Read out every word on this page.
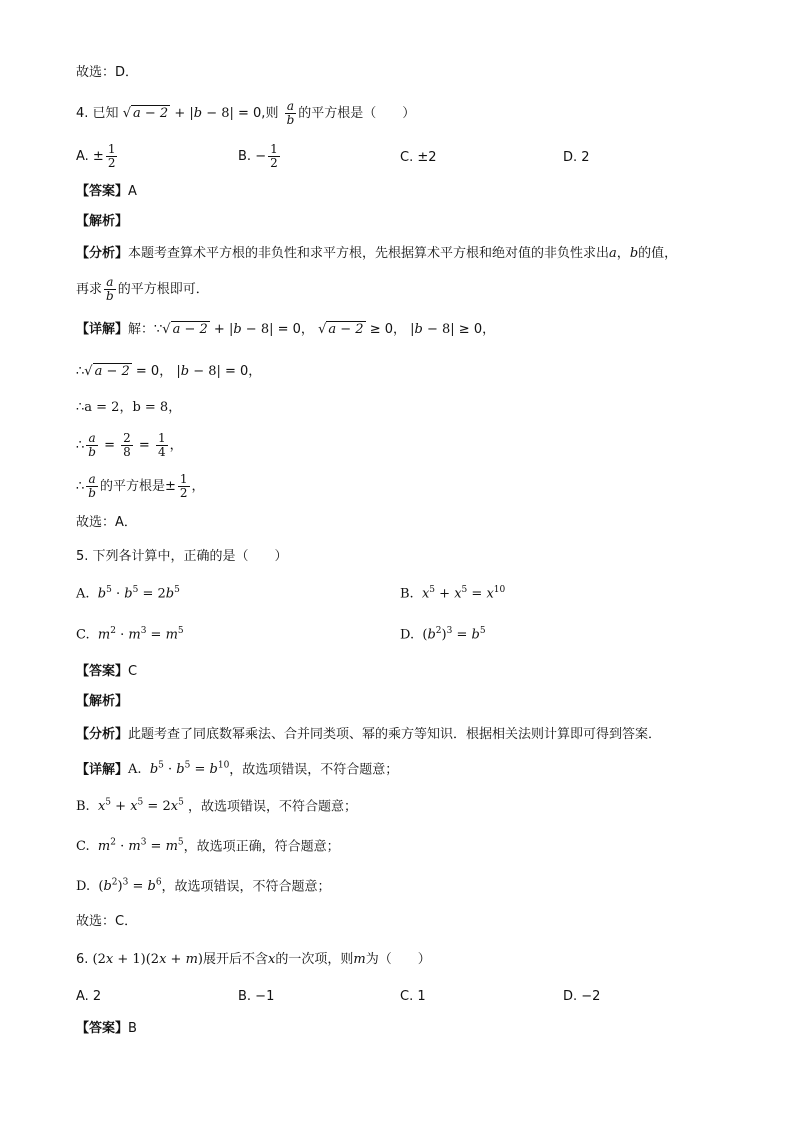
故选：D．
4. 已知 √ a − 2 + |b − 8| = 0,则 $\frac{a}{b}$ 的平方根是（　　）
A. ± $\frac{1}{2}$	B. − $\frac{1}{2}$	C. ±2	D. 2
【答案】A
【解析】
【分析】本题考查算术平方根的非负性和求平方根，先根据算术平方根和绝对值的非负性求出a，b的值，
再求 $\frac{a}{b}$ 的平方根即可．
【详解】解：∵√ a − 2 + |b − 8| = 0， √ a − 2 ≥ 0， |b − 8| ≥ 0，
∴√ a − 2 = 0， |b − 8| = 0，
∴a = 2，b = 8，
∴ $\frac{a}{b} = \frac{2}{8} = \frac{1}{4}$ ，
∴ $\frac{a}{b}$ 的平方根是± $\frac{1}{2}$ ，
故选：A．
5. 下列各计算中，正确的是（　　）
A.  $b^5 \cdot b^5 = 2b^5$	B.  $x^5 + x^5 = x^{10}$
C.  $m^2 \cdot m^3 = m^5$	D.  $(b^2)^3 = b^5$
【答案】C
【解析】
【分析】此题考查了同底数幂乘法、合并同类项、幂的乘方等知识．根据相关法则计算即可得到答案．
【详解】A.  $b^5 \cdot b^5 = b^{10}$，故选项错误，不符合题意；
B.  $x^5 + x^5 = 2x^5$ ，故选项错误，不符合题意；
C.  $m^2 \cdot m^3 = m^5$，故选项正确，符合题意；
D.  $(b^2)^3 = b^6$，故选项错误，不符合题意；
故选：C．
6. (2x + 1)(2x + m)展开后不含x的一次项，则m为（　　）
A. 2	B. −1	C. 1	D. −2
【答案】B
